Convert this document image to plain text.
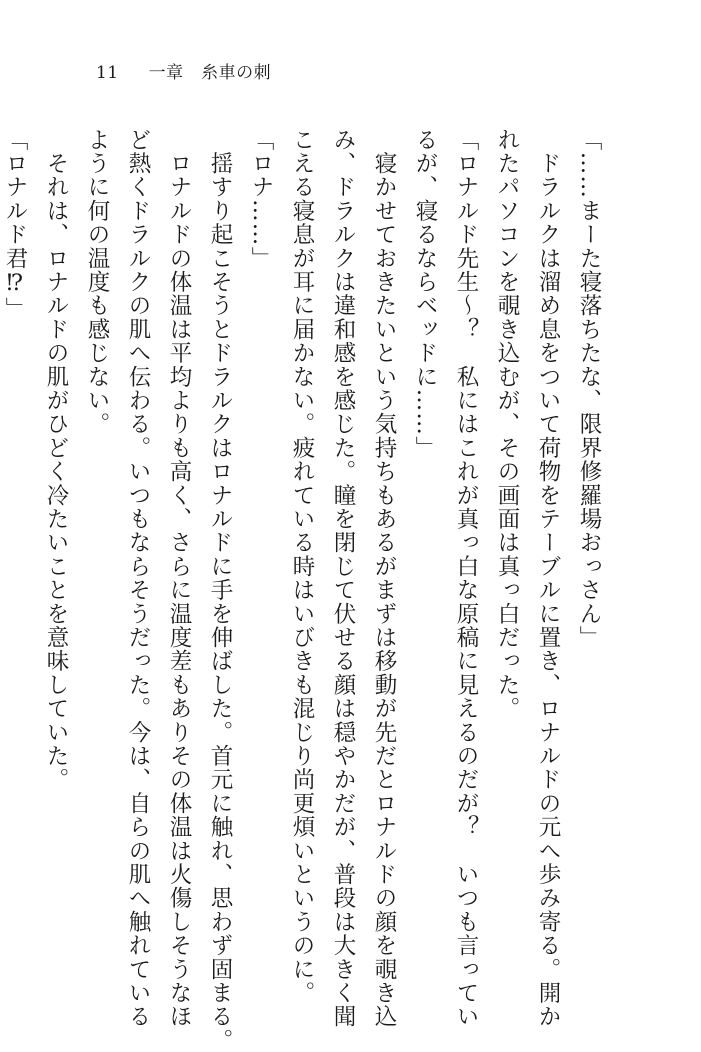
11 一章　糸車の刺
「……まーた寝落ちたな、限界修羅場おっさん」
　ドラルクは溜め息をついて荷物をテーブルに置き、ロナルドの元へ歩み寄る。開か
れたパソコンを覗き込むが、その画面は真っ白だった。
「ロナルド先生～？　私にはこれが真っ白な原稿に見えるのだが？　いつも言ってい
るが、寝るならベッドに……」
　寝かせておきたいという気持ちもあるがまずは移動が先だとロナルドの顔を覗き込
み、ドラルクは違和感を感じた。瞳を閉じて伏せる顔は穏やかだが、普段は大きく聞
こえる寝息が耳に届かない。疲れている時はいびきも混じり尚更煩いというのに。
「ロナ……」
　揺すり起こそうとドラルクはロナルドに手を伸ばした。首元に触れ、思わず固まる。
　ロナルドの体温は平均よりも高く、さらに温度差もありその体温は火傷しそうなほ
ど熱くドラルクの肌へ伝わる。いつもならそうだった。今は、自らの肌へ触れている
ように何の温度も感じない。
　それは、ロナルドの肌がひどく冷たいことを意味していた。
「ロナルド君⁉」
